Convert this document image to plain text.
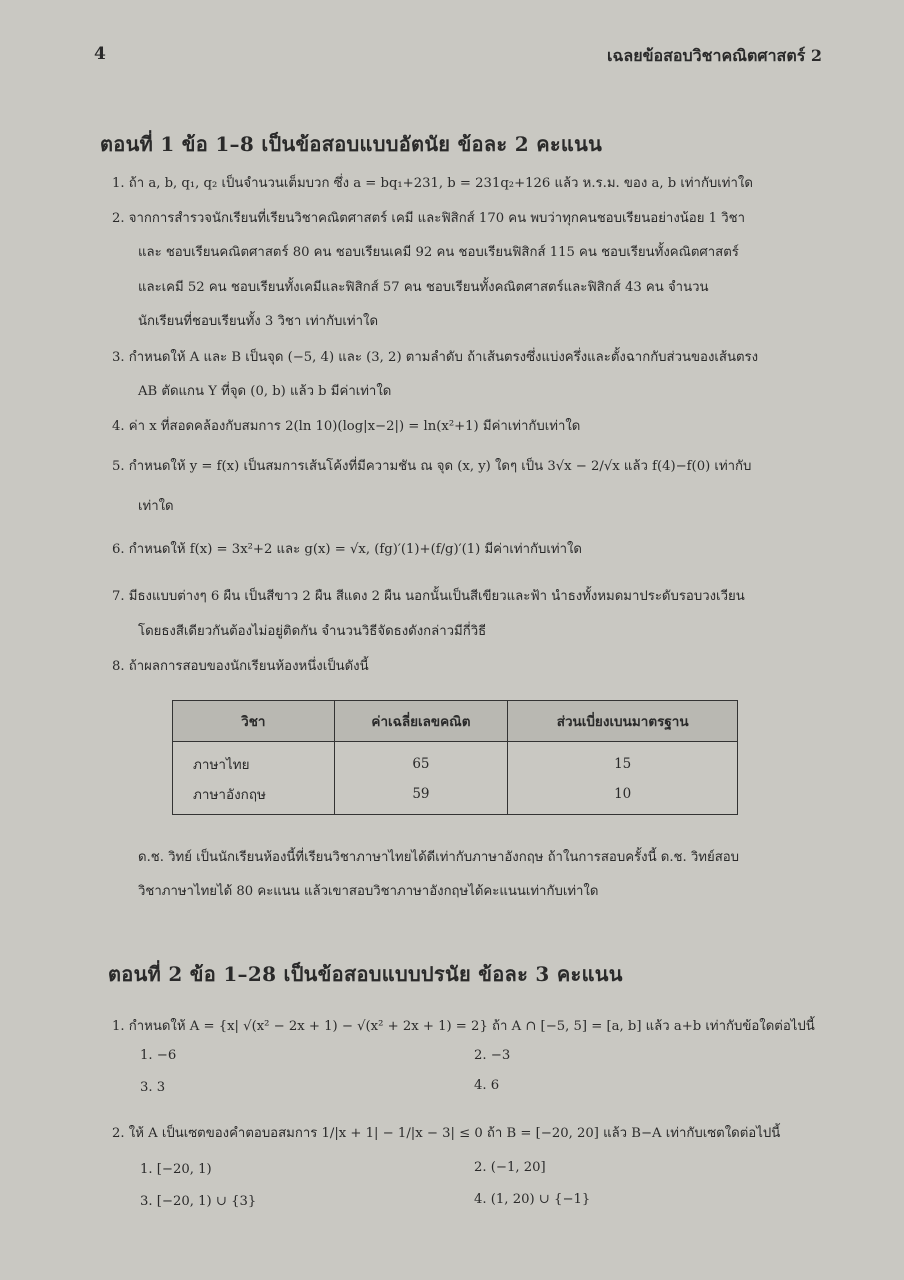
4	เฉลยข้อสอบวิชาคณิตศาสตร์ 2
ตอนที่ 1 ข้อ 1–8 เป็นข้อสอบแบบอัตนัย ข้อละ 2 คะแนน
1. ถ้า a, b, q₁, q₂ เป็นจำนวนเต็มบวก ซึ่ง a = bq₁+231, b = 231q₂+126 แล้ว ห.ร.ม. ของ a, b เท่ากับเท่าใด
2. จากการสำรวจนักเรียนที่เรียนวิชาคณิตศาสตร์ เคมี และฟิสิกส์ 170 คน พบว่าทุกคนชอบเรียนอย่างน้อย 1 วิชา
และ ชอบเรียนคณิตศาสตร์ 80 คน ชอบเรียนเคมี 92 คน ชอบเรียนฟิสิกส์ 115 คน ชอบเรียนทั้งคณิตศาสตร์
และเคมี 52 คน ชอบเรียนทั้งเคมีและฟิสิกส์ 57 คน ชอบเรียนทั้งคณิตศาสตร์และฟิสิกส์ 43 คน จำนวน
นักเรียนที่ชอบเรียนทั้ง 3 วิชา เท่ากับเท่าใด
3. กำหนดให้ A และ B เป็นจุด (−5, 4) และ (3, 2) ตามลำดับ ถ้าเส้นตรงซึ่งแบ่งครึ่งและตั้งฉากกับส่วนของเส้นตรง
AB ตัดแกน Y ที่จุด (0, b) แล้ว b มีค่าเท่าใด
4. ค่า x ที่สอดคล้องกับสมการ 2(ln 10)(log|x−2|) = ln(x²+1) มีค่าเท่ากับเท่าใด
5. กำหนดให้ y = f(x) เป็นสมการเส้นโค้งที่มีความชัน ณ จุด (x, y) ใดๆ เป็น 3√x − 2/√x แล้ว f(4)−f(0) เท่ากับ
เท่าใด
6. กำหนดให้ f(x) = 3x²+2 และ g(x) = √x, (fg)′(1)+(f/g)′(1) มีค่าเท่ากับเท่าใด
7. มีธงแบบต่างๆ 6 ผืน เป็นสีขาว 2 ผืน สีแดง 2 ผืน นอกนั้นเป็นสีเขียวและฟ้า นำธงทั้งหมดมาประดับรอบวงเวียน
โดยธงสีเดียวกันต้องไม่อยู่ติดกัน จำนวนวิธีจัดธงดังกล่าวมีกี่วิธี
8. ถ้าผลการสอบของนักเรียนห้องหนึ่งเป็นดังนี้
วิชา	ค่าเฉลี่ยเลขคณิต	ส่วนเบี่ยงเบนมาตรฐาน
ภาษาไทย	65	15
ภาษาอังกฤษ	59	10
ด.ช. วิทย์ เป็นนักเรียนห้องนี้ที่เรียนวิชาภาษาไทยได้ดีเท่ากับภาษาอังกฤษ ถ้าในการสอบครั้งนี้ ด.ช. วิทย์สอบ
วิชาภาษาไทยได้ 80 คะแนน แล้วเขาสอบวิชาภาษาอังกฤษได้คะแนนเท่ากับเท่าใด
ตอนที่ 2 ข้อ 1–28 เป็นข้อสอบแบบปรนัย ข้อละ 3 คะแนน
1. กำหนดให้ A = {x| √(x² − 2x + 1) − √(x² + 2x + 1) = 2} ถ้า A ∩ [−5, 5] = [a, b] แล้ว a+b เท่ากับข้อใดต่อไปนี้
1. −6	2. −3
3. 3	4. 6
2. ให้ A เป็นเซตของคำตอบอสมการ 1/|x + 1| − 1/|x − 3| ≤ 0 ถ้า B = [−20, 20] แล้ว B−A เท่ากับเซตใดต่อไปนี้
1. [−20, 1)	2. (−1, 20]
3. [−20, 1) ∪ {3}	4. (1, 20) ∪ {−1}
